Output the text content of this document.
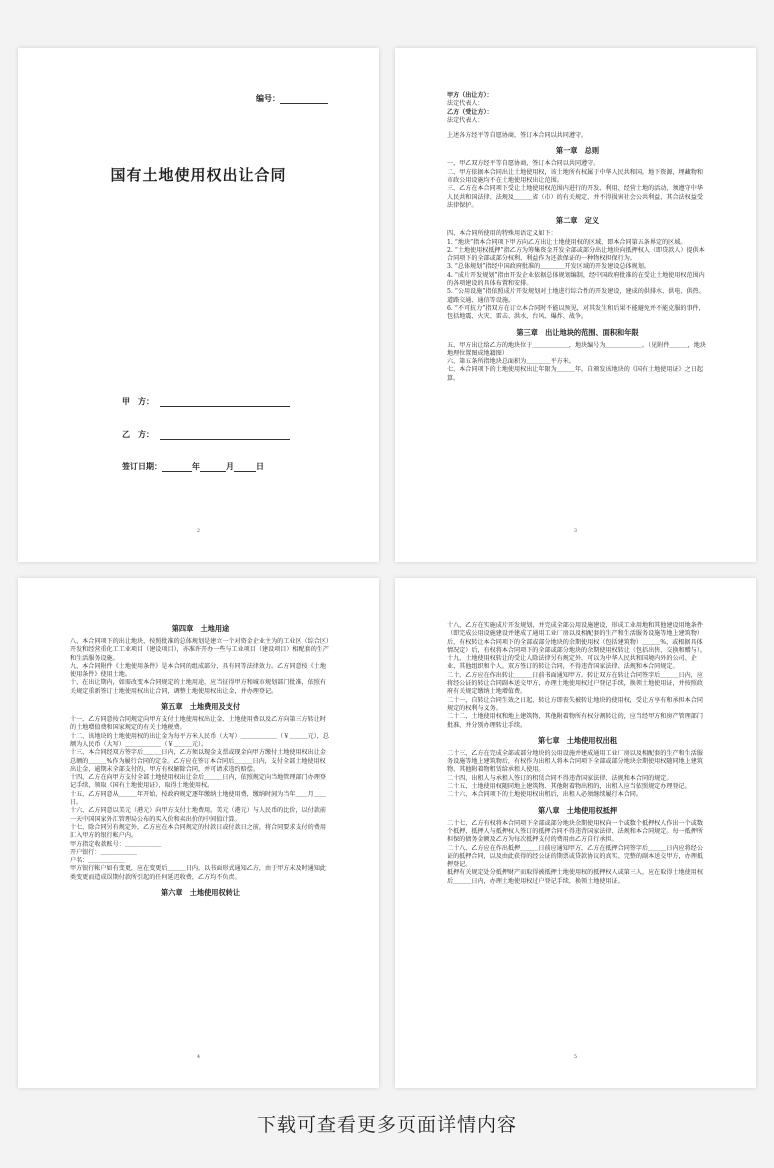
编号：
国有土地使用权出让合同
甲　方：
乙　方：
签订日期：	年	月	日
2

甲方（出让方）：

法定代表人：

乙方（受让方）：

法定代表人：

上述各方经平等自愿协商，签订本合同以共同遵守。

第一章　总则

一、甲乙双方经平等自愿协商，签订本合同以共同遵守。

二、甲方依据本合同出让土地使用权，该土地所有权属于中华人民共和国。地下资源，埋藏物和市政公用设施均不在土地使用权出让范围。

三、乙方在本合同项下受让土地使用权范围内进行的开发、利用、经营土地的活动，须遵守中华人民共和国法律、法规及＿＿＿省（市）的有关规定，并不得损害社会公共利益，其合法权益受法律保护。

第二章　定义

四、本合同所使用的特殊用语定义如下：

1. “地块”指本合同项下甲方向乙方出让土地使用权的区域，即本合同第五条界定的区域。

2. “土地使用权抵押”指乙方为筹集资金开发全部或部分出让地块向抵押权人（即贷款人）提供本合同项下的全部或部分权利、利益作为还款保证的一种物权担保行为。

3. “总体规划”指经中国政府批准的＿＿＿＿开发区域的开发建设总体规划。

4. “成片开发规划”指由开发企业依据总体规划编制，经中国政府批准的在受让土地使用权范围内的各项建设的具体布置和安排。

5. “公用设施”指依照成片开发规划对土地进行综合性的开发建设，建成的供排水、供电、供热、道路交通、通信等设施。

6. “不可抗力”指双方在订立本合同时不能以预见，对其发生和后果不能避免并不能克服的事件，包括地震、火灾、雷击、洪水、台风、爆炸、战争。

第三章　出让地块的范围、面积和年限

五、甲方出让给乙方的地块位于＿＿＿＿＿＿，地块编号为＿＿＿＿＿＿。（见附件＿＿＿，地块地理位置图成地籍图）

六、第五条所指地块总面积为＿＿＿＿平方米。

七、本合同项下的土地使用权出让年限为＿＿＿年，自颁发该地块的《国有土地使用证》之日起算。

3
第四章　土地用途

八、本合同项下的出让地块，按照批准的总体规划是建立一个对资金企业主为的工业区（综合区）开发和经营重化工工业项目（建设项目），亦准许开办一些与工业项目（建设项目）相配套的生产和生活服务设施。

九、本合同附件《土地使用条件》是本合同的组成部分，具有同等法律效力。乙方同意按《土地使用条件》使用土地。

十、在出让期内，如需改变本合同规定的土地用途，应当征得甲方和城市规划部门批准，依照有关规定重新签订土地使用权出让合同，调整土地使用权出让金，并办理登记。

第五章　土地费用及支付

十一、乙方同意按合同规定向甲方支付土地使用权出让金、土地使用费以及乙方向第三方转让时的土地增值费和国家规定的有关土地税费。

十二、该地块的土地使用权的出让金为每平方米人民币（大写）＿＿＿＿＿＿（￥＿＿＿元），总额为人民币（大写）＿＿＿＿＿＿（￥＿＿＿元）。

十三、本合同经双方签字后＿＿＿日内，乙方须以现金支票或现金向甲方缴付土地使用权出让金总额的＿＿＿%作为履行合同的定金。乙方应在签订本合同后＿＿＿日内，支付全部土地使用权出让金，逾期未全部支付的，甲方有权解除合同，并可请求违约赔偿。

十四、乙方在向甲方支付全部土地使用权出让金后＿＿＿日内，依照规定向当地管理部门办理登记手续，领取《国有土地使用证》，取得土地使用权。

十五、乙方同意从＿＿＿年开始，按政府规定逐年缴纳土地使用费，缴纳时间为当年＿＿月＿＿日。

十六、乙方同意以美元（港元）向甲方支付土地费用。美元（港元）与人民币的比价，以付款前一天中国国家外汇管理局公布的买入价和卖出价的中间值计算。

十七、除合同另有规定外，乙方应在本合同规定的付款日或付款日之前，将合同要求支付的费用汇入甲方的银行帐户内。

甲方指定收款账号：＿＿＿＿＿＿

开户银行：＿＿＿＿＿＿

户名：＿＿＿＿＿＿

甲方银行帐户如有变更，应在变更后＿＿＿日内，以书面形式通知乙方，由于甲方未及时通知此类变更而造成误期付款所引起的任何延迟收费，乙方均不负责。

第六章　土地使用权转让
4

十八、乙方在实施成片开发规划，并完成全部公用设施建设，形成工业用地和其他建设用地条件（即完成公用设施建设并建成了通用工业厂房以及相配套的生产和生活服务设施等地上建筑物）后，有权转让本合同项下的全部或部分地块的余期使用权（包括建筑物）＿＿＿%，或根据具体情况定）后，有权将本合同项下的全部或部分地块的余期使用权转让（包括出售、交换和赠与）。

十九、土地使用权转让的受让人除法律另有规定外，可以为中华人民共和国境内外的公司、企业、其他组织和个人。双方签订的转让合同，不得违背国家法律、法规和本合同规定。

二十、乙方应在作出转让＿＿＿日前书面通知甲方。转让双方在转让合同签字后＿＿＿日内，应将经公证的转让合同副本送交甲方，办理土地使用权过户登记手续，换领土地使用证，并按照政府有关规定缴纳土地增值费。

二十一、自转让合同生效之日起，转让方即丧失被转让地块的使用权，受让方享有和承担本合同规定的权利与义务。

二十二、土地使用权和地上建筑物，其他附着物所有权分割转让的，应当经甲方和房产管理部门批准，并分别办理转让手续。

第七章　土地使用权出租

二十三、乙方在完成全部或部分地块的公用设施并建成通用工业厂房以及相配套的生产和生活服务设施等地上建筑物后，有权作为出租人将本合同项下全部或部分地块余期使用权随同地上建筑物、其他附着物租赁给承租人使用。

二十四、出租人与承租人签订的租赁合同不得违背国家法律、法规和本合同的规定。

二十五、土地使用权随同地上建筑物、其他附着物出租的，出租人应当依照规定办理登记。

二十六、本合同项下的土地使用权出租后，出租人必须继续履行本合同。

第八章　土地使用权抵押

二十七、乙方有权将本合同项下全部或部分地块余期使用权向一个或数个抵押权人作出一个或数个抵押，抵押人与抵押权人签订的抵押合同不得违背国家法律、法规和本合同规定。每一抵押所担保的债务金额及乙方为每次抵押支付的费用由乙方自行承担。

二十八、乙方应在作出抵押＿＿＿日前应通知甲方，乙方在抵押合同签字后＿＿＿日内应将经公证的抵押合同，以及由此获得的经公证的期票或贷款协议的真实、完整的副本送交甲方，办理抵押登记。

抵押有关规定处分抵押财产而取得被抵押土地使用权的抵押权人或第三人，应在取得土地使用权后＿＿＿日内，办理土地使用权过户登记手续，换领土地使用证。

5
下载可查看更多页面详情内容
